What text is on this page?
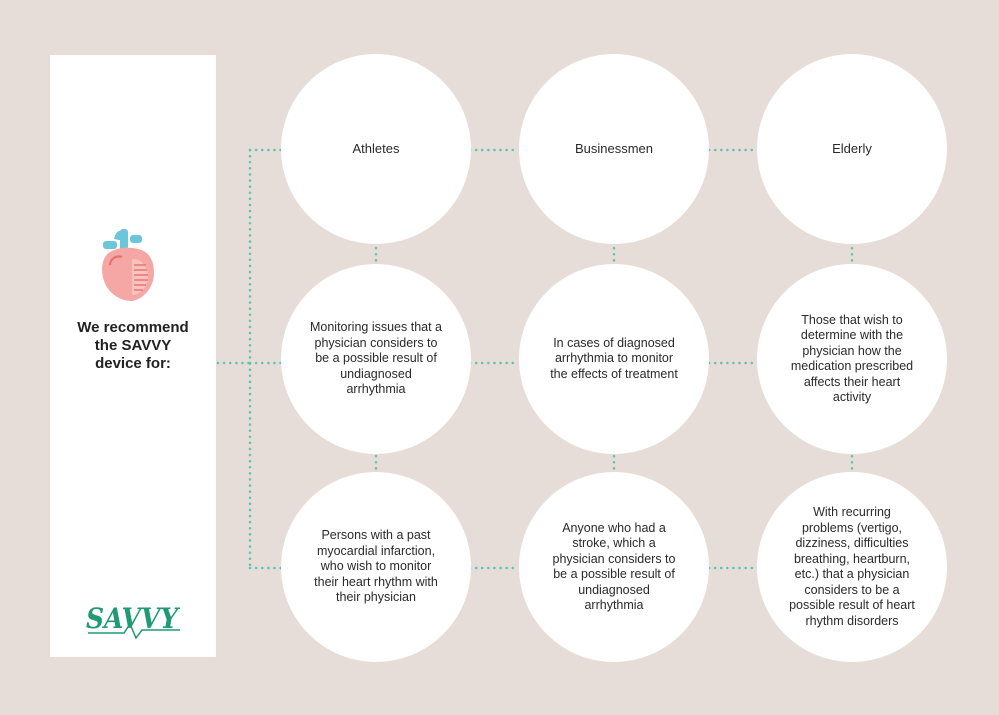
We recommend
the SAVVY
device for:
SAVVY
Athletes
Monitoring issues that a physician considers to be a possible result of undiagnosed arrhythmia
Persons with a past myocardial infarction, who wish to monitor their heart rhythm with their physician
Businessmen
In cases of diagnosed arrhythmia to monitor the effects of treatment
Anyone who had a stroke, which a physician considers to be a possible result of undiagnosed arrhythmia
Elderly
Those that wish to determine with the physician how the medication prescribed affects their heart activity
With recurring problems (vertigo, dizziness, difficulties breathing, heartburn, etc.) that a physician considers to be a possible result of heart rhythm disorders
